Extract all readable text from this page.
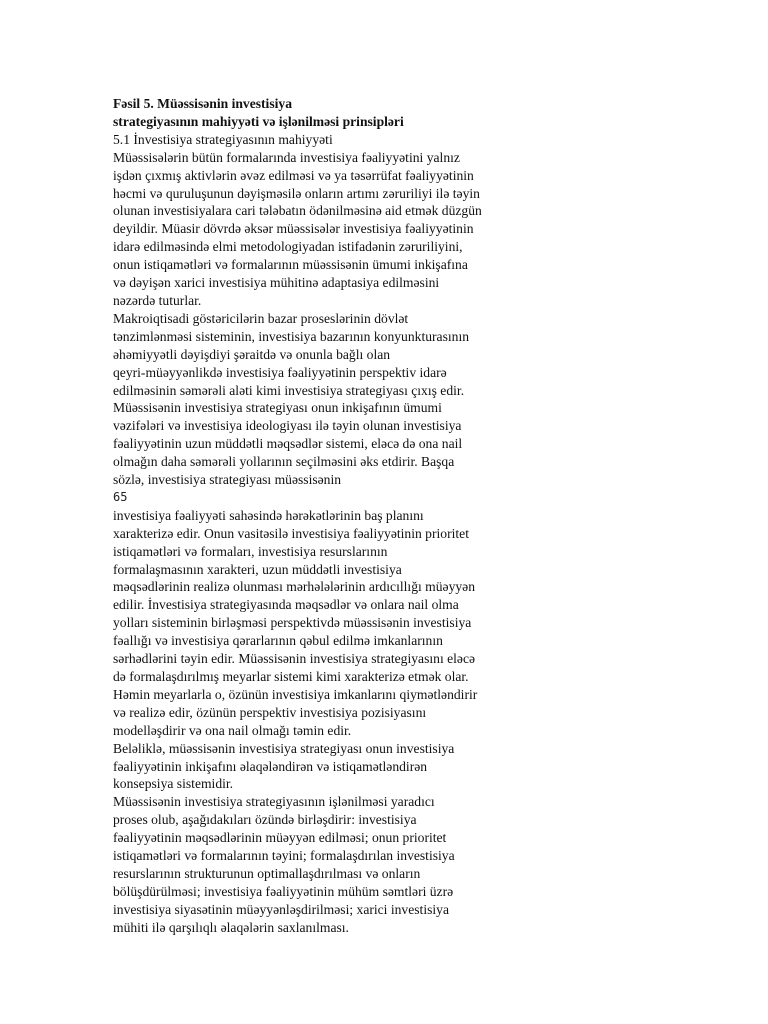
Fəsil 5. Müəssisənin investisiya
strategiyasının mahiyyəti və işlənilməsi prinsipləri
5.1 İnvestisiya strategiyasının mahiyyəti
Müəssisələrin bütün formalarında investisiya fəaliyyətini yalnız
işdən çıxmış aktivlərin əvəz edilməsi və ya təsərrüfat fəaliyyətinin
həcmi və quruluşunun dəyişməsilə onların artımı zəruriliyi ilə təyin
olunan investisiyalara cari tələbatın ödənilməsinə aid etmək düzgün
deyildir. Müasir dövrdə əksər müəssisələr investisiya fəaliyyətinin
idarə edilməsində elmi metodologiyadan istifadənin zəruriliyini,
onun istiqamətləri və formalarının müəssisənin ümumi inkişafına
və dəyişən xarici investisiya mühitinə adaptasiya edilməsini
nəzərdə tuturlar.
Makroiqtisadi göstəricilərin bazar proseslərinin dövlət
tənzimlənməsi sisteminin, investisiya bazarının konyunkturasının
əhəmiyyətli dəyişdiyi şəraitdə və onunla bağlı olan
qeyri-müəyyənlikdə investisiya fəaliyyətinin perspektiv idarə
edilməsinin səmərəli aləti kimi investisiya strategiyası çıxış edir.
Müəssisənin investisiya strategiyası onun inkişafının ümumi
vəzifələri və investisiya ideologiyası ilə təyin olunan investisiya
fəaliyyətinin uzun müddətli məqsədlər sistemi, eləcə də ona nail
olmağın daha səmərəli yollarının seçilməsini əks etdirir. Başqa
sözlə, investisiya strategiyası müəssisənin
65
investisiya fəaliyyəti sahəsində hərəkətlərinin baş planını
xarakterizə edir. Onun vasitəsilə investisiya fəaliyyətinin prioritet
istiqamətləri və formaları, investisiya resurslarının
formalaşmasının xarakteri, uzun müddətli investisiya
məqsədlərinin realizə olunması mərhələlərinin ardıcıllığı müəyyən
edilir. İnvestisiya strategiyasında məqsədlər və onlara nail olma
yolları sisteminin birləşməsi perspektivdə müəssisənin investisiya
fəallığı və investisiya qərarlarının qəbul edilmə imkanlarının
sərhədlərini təyin edir. Müəssisənin investisiya strategiyasını eləcə
də formalaşdırılmış meyarlar sistemi kimi xarakterizə etmək olar.
Həmin meyarlarla o, özünün investisiya imkanlarını qiymətləndirir
və realizə edir, özünün perspektiv investisiya pozisiyasını
modelləşdirir və ona nail olmağı təmin edir.
Beləliklə, müəssisənin investisiya strategiyası onun investisiya
fəaliyyətinin inkişafını əlaqələndirən və istiqamətləndirən
konsepsiya sistemidir.
Müəssisənin investisiya strategiyasının işlənilməsi yaradıcı
proses olub, aşağıdakıları özündə birləşdirir: investisiya
fəaliyyətinin məqsədlərinin müəyyən edilməsi; onun prioritet
istiqamətləri və formalarının təyini; formalaşdırılan investisiya
resurslarının strukturunun optimallaşdırılması və onların
bölüşdürülməsi; investisiya fəaliyyətinin mühüm səmtləri üzrə
investisiya siyasətinin müəyyənləşdirilməsi; xarici investisiya
mühiti ilə qarşılıqlı əlaqələrin saxlanılması.
